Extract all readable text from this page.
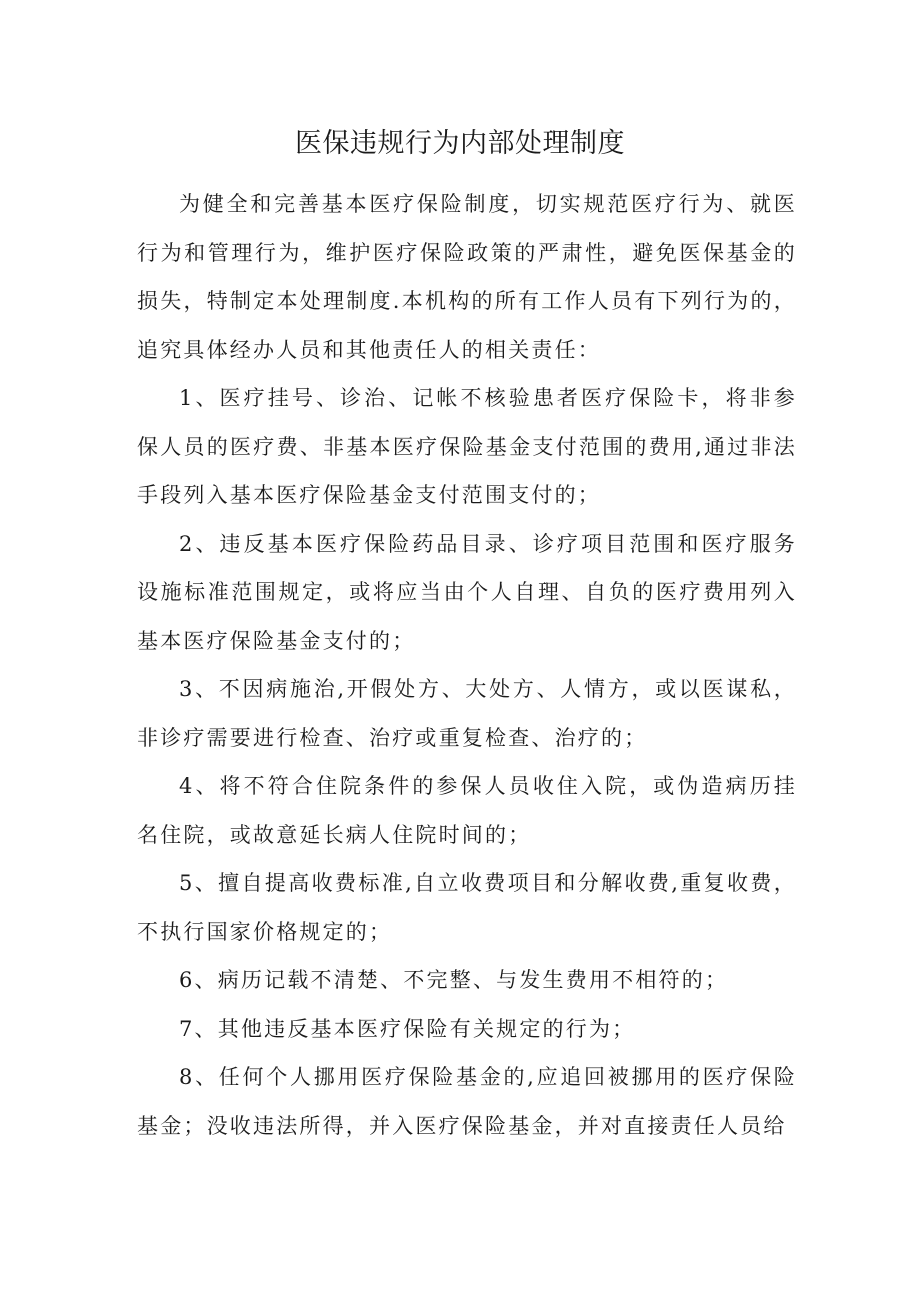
医保违规行为内部处理制度

为健全和完善基本医疗保险制度，切实规范医疗行为、就医行为和管理行为，维护医疗保险政策的严肃性，避免医保基金的损失，特制定本处理制度.本机构的所有工作人员有下列行为的，追究具体经办人员和其他责任人的相关责任：

1、医疗挂号、诊治、记帐不核验患者医疗保险卡，将非参保人员的医疗费、非基本医疗保险基金支付范围的费用,通过非法手段列入基本医疗保险基金支付范围支付的；

2、违反基本医疗保险药品目录、诊疗项目范围和医疗服务设施标准范围规定，或将应当由个人自理、自负的医疗费用列入基本医疗保险基金支付的；

3、不因病施治,开假处方、大处方、人情方，或以医谋私，非诊疗需要进行检查、治疗或重复检查、治疗的；

4、将不符合住院条件的参保人员收住入院，或伪造病历挂名住院，或故意延长病人住院时间的；

5、擅自提高收费标准,自立收费项目和分解收费,重复收费，不执行国家价格规定的；

6、病历记载不清楚、不完整、与发生费用不相符的；

7、其他违反基本医疗保险有关规定的行为；

8、任何个人挪用医疗保险基金的,应追回被挪用的医疗保险基金；没收违法所得，并入医疗保险基金，并对直接责任人员给
